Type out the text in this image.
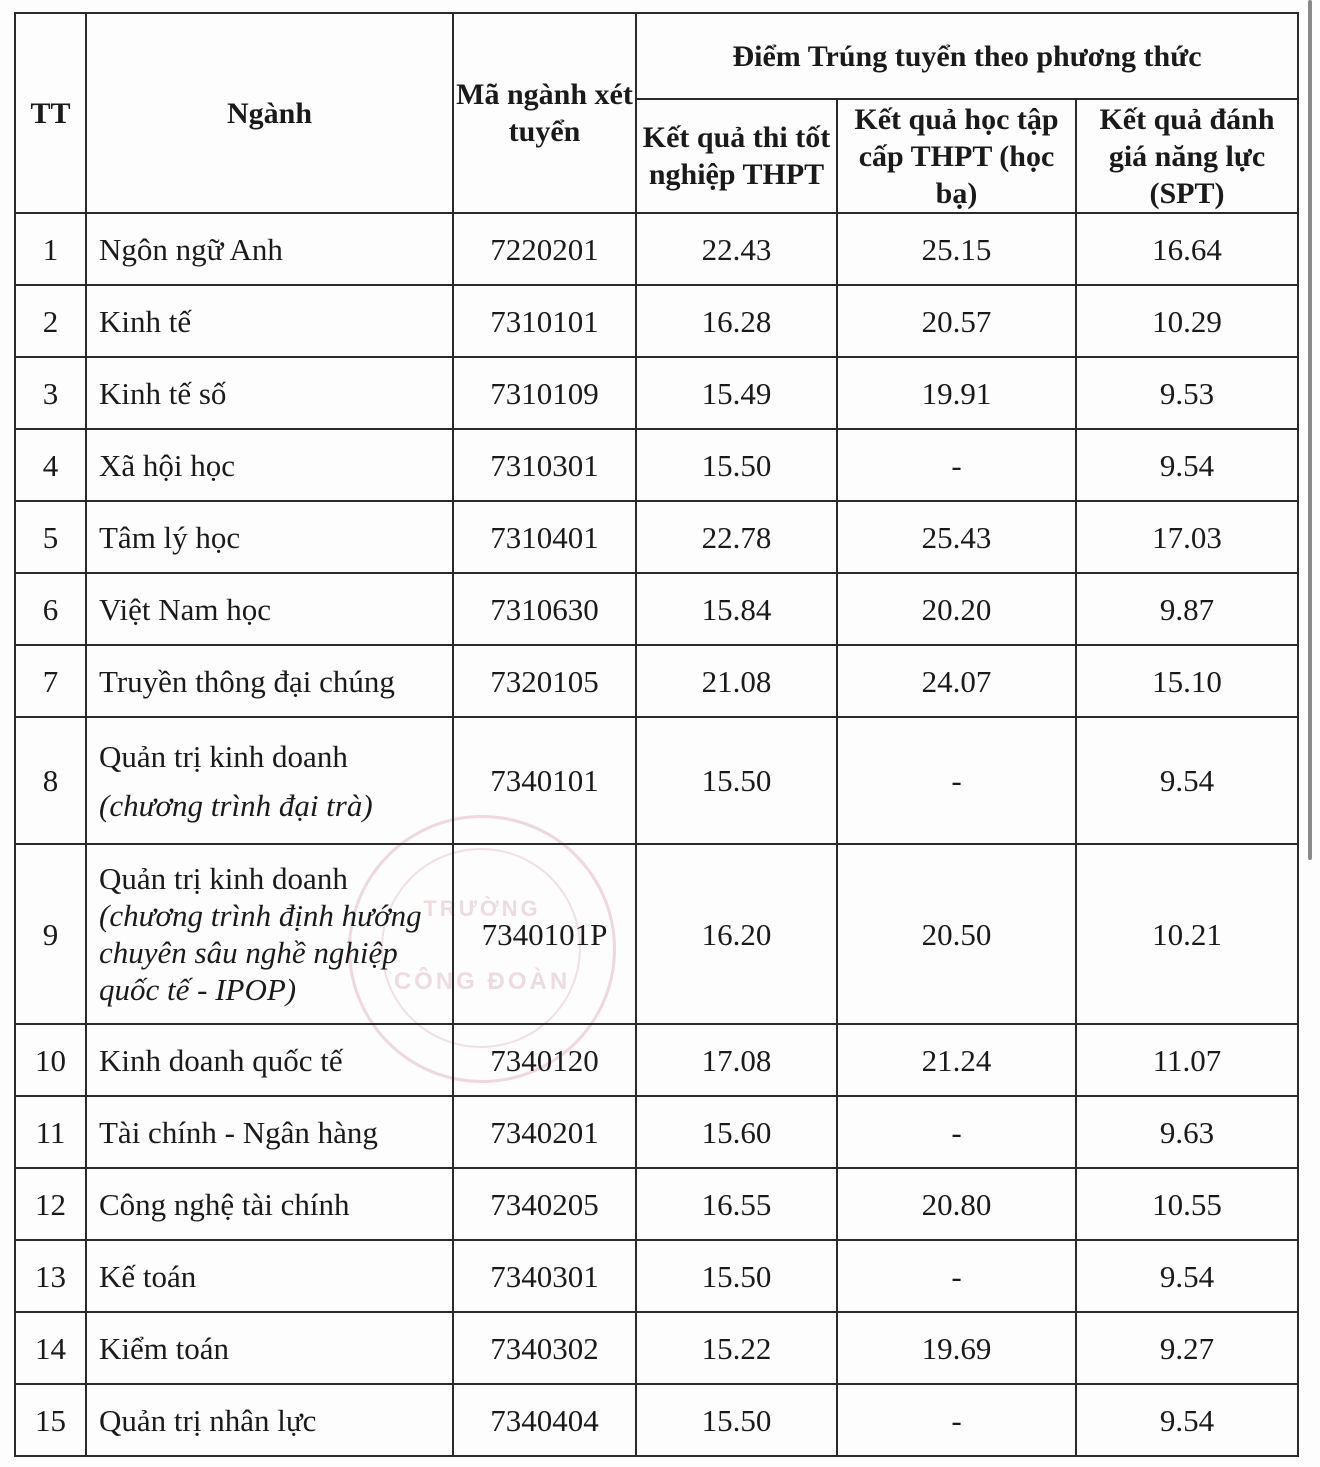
TRƯỜNG
CÔNG ĐOÀN
TT	Ngành	Mã ngành xét tuyển	Điểm Trúng tuyển theo phương thức		
			Kết quả thi tốt nghiệp THPT	Kết quả học tập cấp THPT (học bạ)	Kết quả đánh giá năng lực (SPT)
1	Ngôn ngữ Anh	7220201	22.43	25.15	16.64
2	Kinh tế	7310101	16.28	20.57	10.29
3	Kinh tế số	7310109	15.49	19.91	9.53
4	Xã hội học	7310301	15.50	-	9.54
5	Tâm lý học	7310401	22.78	25.43	17.03
6	Việt Nam học	7310630	15.84	20.20	9.87
7	Truyền thông đại chúng	7320105	21.08	24.07	15.10
8	Quản trị kinh doanh
(chương trình đại trà)	7340101	15.50	-	9.54
9	Quản trị kinh doanh
(chương trình định hướng chuyên sâu nghề nghiệp quốc tế - IPOP)	7340101P	16.20	20.50	10.21
10	Kinh doanh quốc tế	7340120	17.08	21.24	11.07
11	Tài chính - Ngân hàng	7340201	15.60	-	9.63
12	Công nghệ tài chính	7340205	16.55	20.80	10.55
13	Kế toán	7340301	15.50	-	9.54
14	Kiểm toán	7340302	15.22	19.69	9.27
15	Quản trị nhân lực	7340404	15.50	-	9.54
